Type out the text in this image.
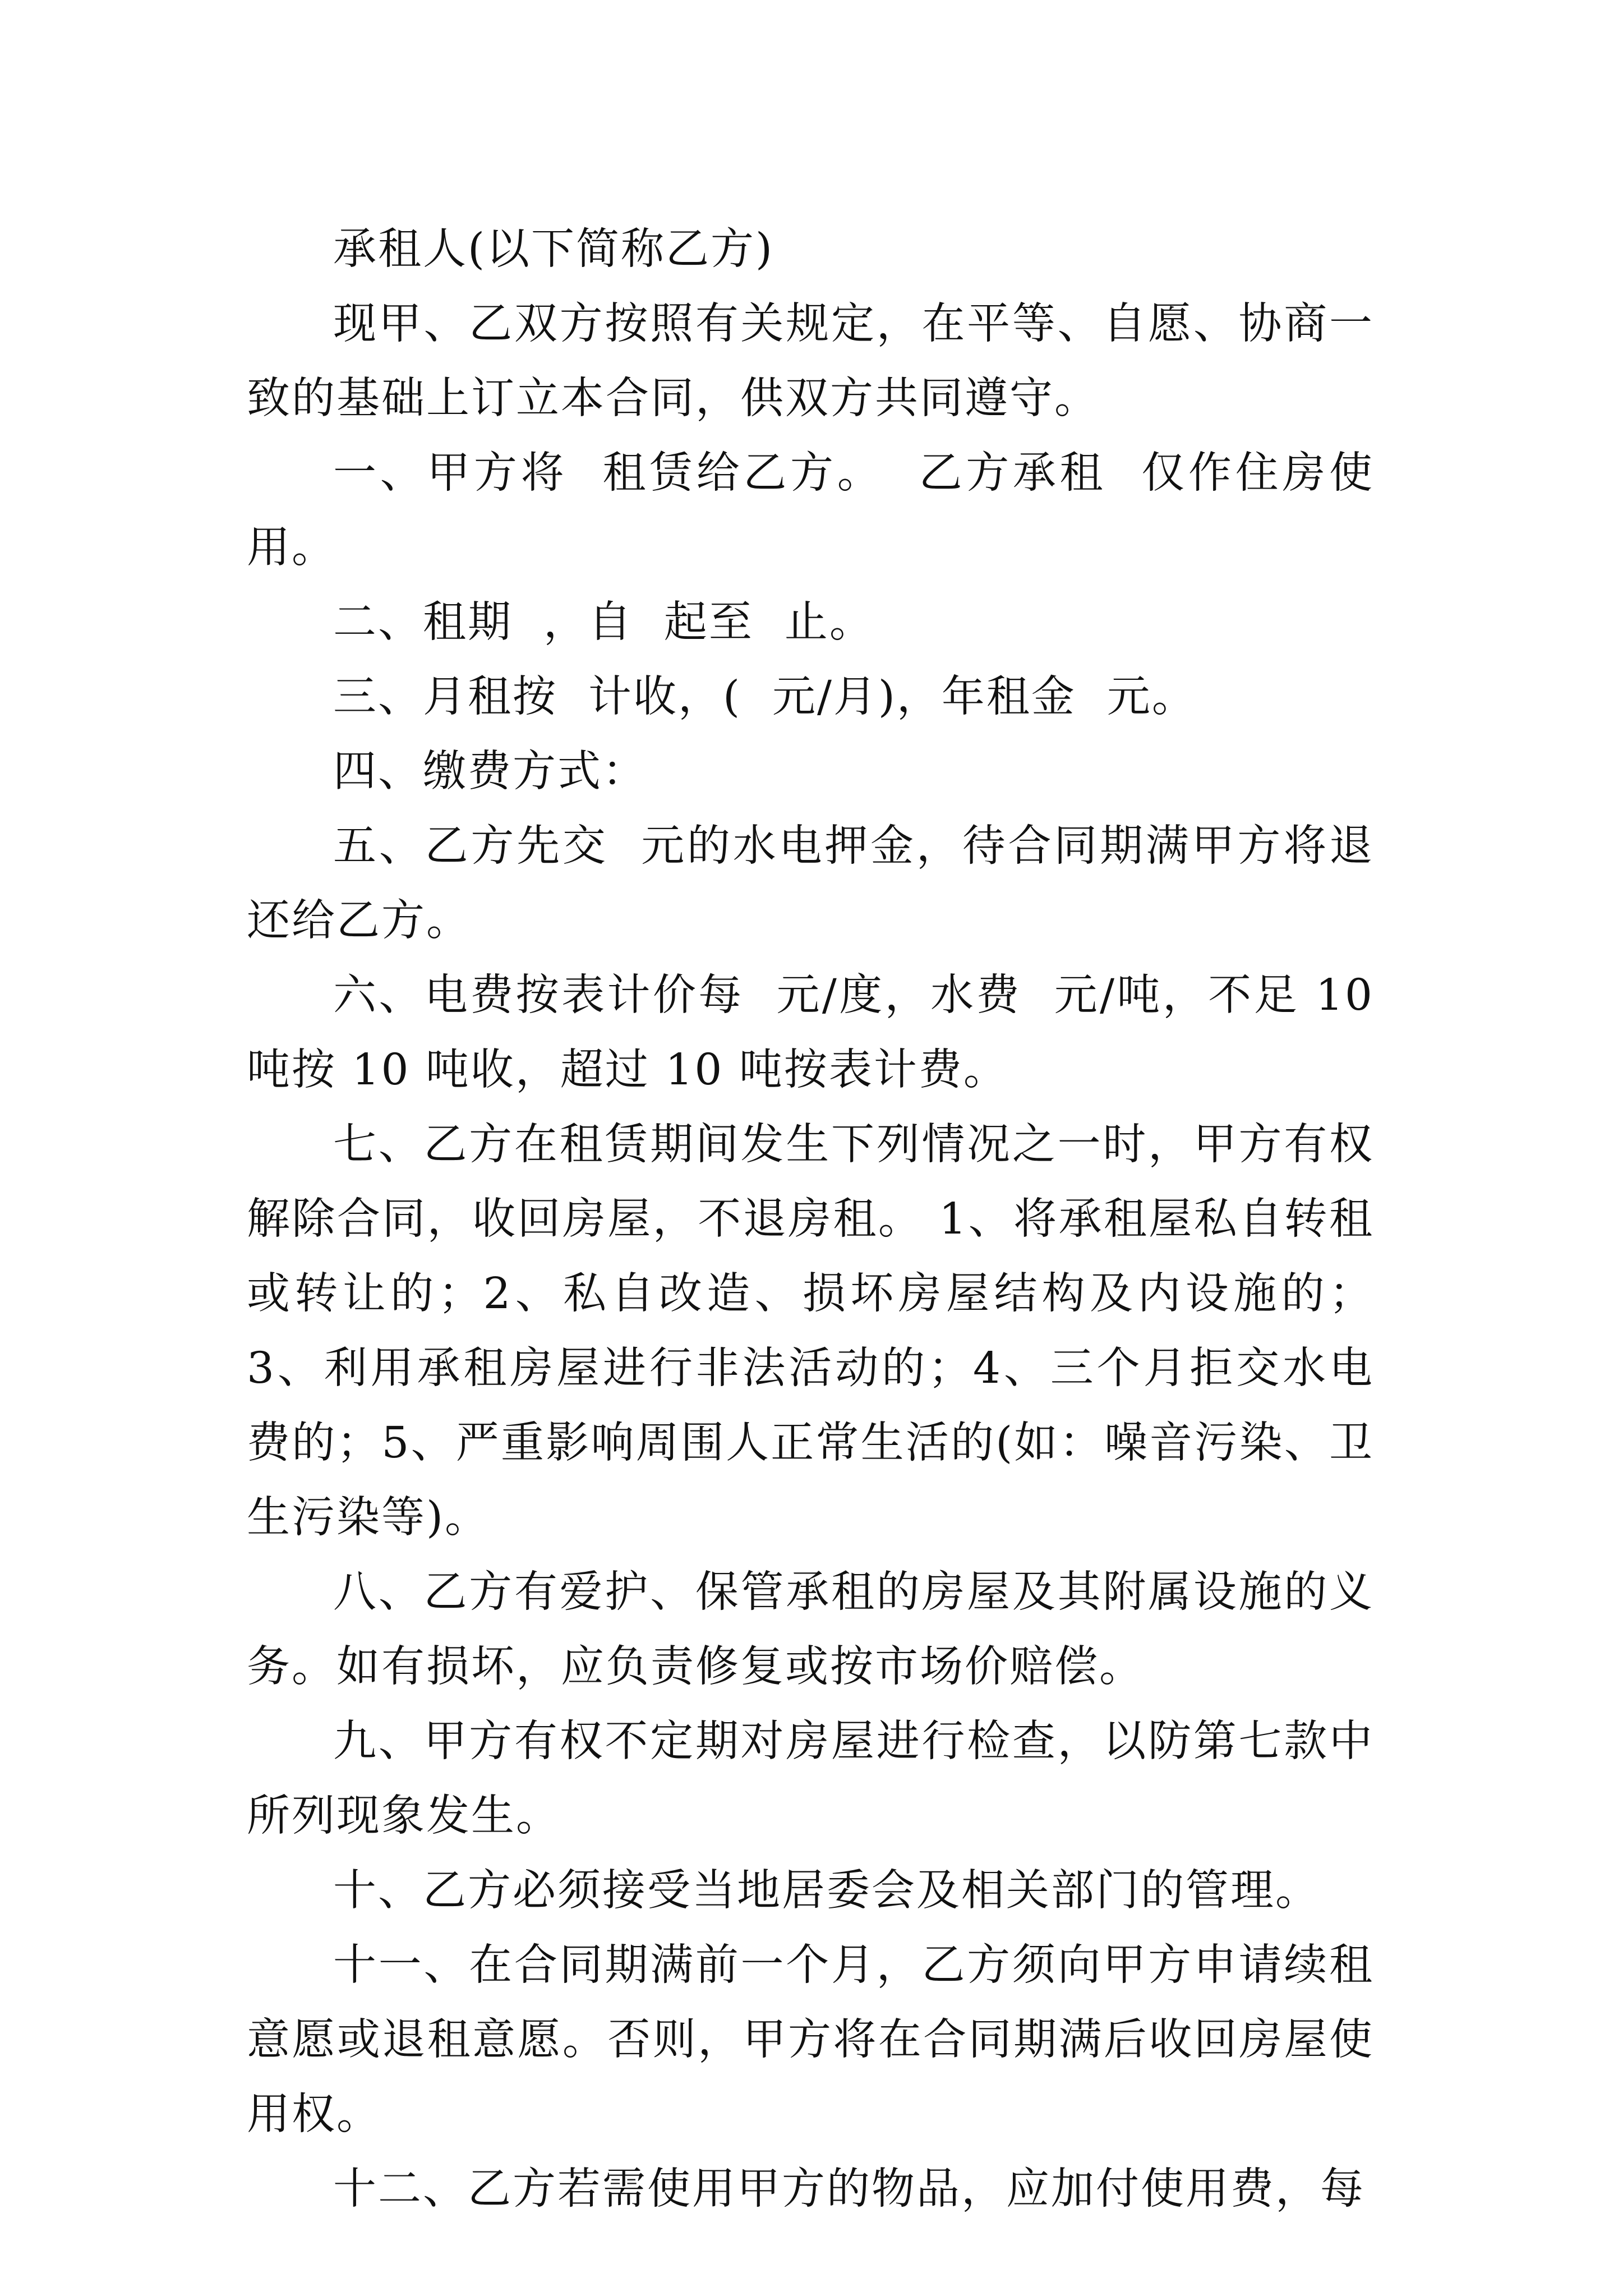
承租人(以下简称乙方)

现甲、乙双方按照有关规定，在平等、自愿、协商一致的基础上订立本合同，供双方共同遵守。

一、甲方将  租赁给乙方。  乙方承租  仅作住房使用。

二、租期  ，自  起至  止。

三、月租按  计收，(  元/月)，年租金  元。

四、缴费方式：

五、乙方先交  元的水电押金，待合同期满甲方将退还给乙方。

六、电费按表计价每  元/度，水费  元/吨，不足 10 吨按 10 吨收，超过 10 吨按表计费。

七、乙方在租赁期间发生下列情况之一时，甲方有权解除合同，收回房屋，不退房租。 1、将承租屋私自转租或转让的；2、私自改造、损坏房屋结构及内设施的；3、利用承租房屋进行非法活动的；4、三个月拒交水电费的；5、严重影响周围人正常生活的(如：噪音污染、卫生污染等)。

八、乙方有爱护、保管承租的房屋及其附属设施的义务。如有损坏，应负责修复或按市场价赔偿。

九、甲方有权不定期对房屋进行检查，以防第七款中所列现象发生。

十、乙方必须接受当地居委会及相关部门的管理。

十一、在合同期满前一个月，乙方须向甲方申请续租意愿或退租意愿。否则，甲方将在合同期满后收回房屋使用权。

十二、乙方若需使用甲方的物品，应加付使用费，每
